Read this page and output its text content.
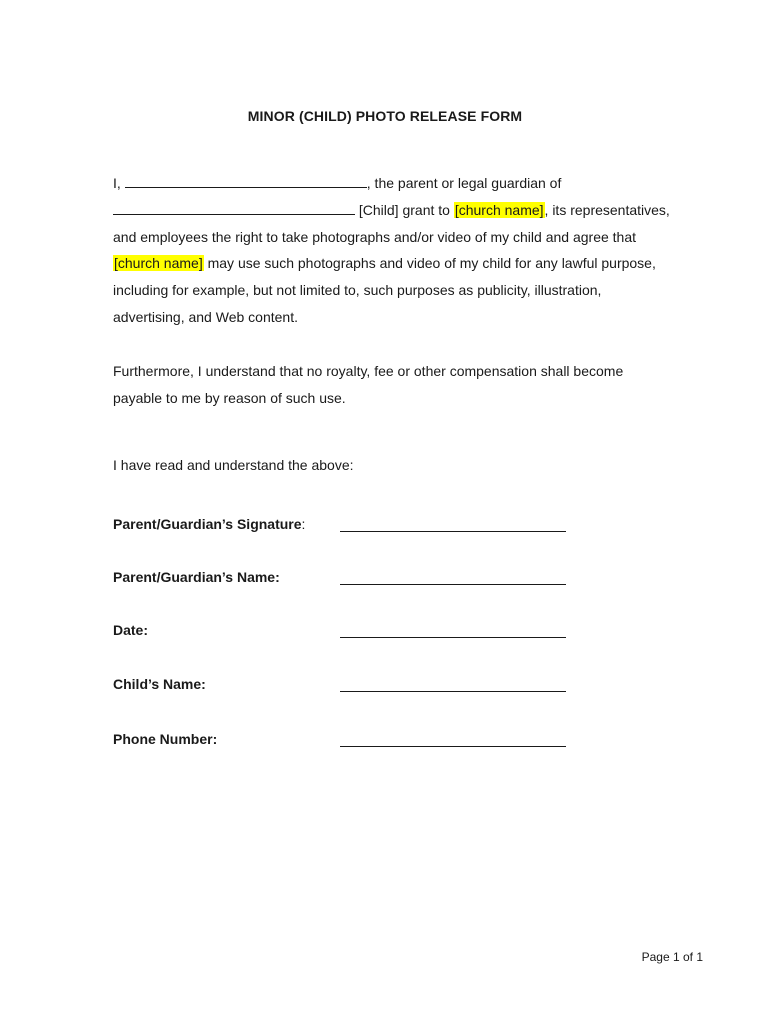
MINOR (CHILD) PHOTO RELEASE FORM
I,	, the parent or legal guardian of
[Child] grant to [church name], its representatives, and employees the right to take photographs and/or video of my child and agree that [church name] may use such photographs and video of my child for any lawful purpose, including for example, but not limited to, such purposes as publicity, illustration, advertising, and Web content.
Furthermore, I understand that no royalty, fee or other compensation shall become payable to me by reason of such use.
I have read and understand the above:
Parent/Guardian’s Signature:
Parent/Guardian’s Name:
Date:
Child’s Name:
Phone Number:
Page 1 of 1
